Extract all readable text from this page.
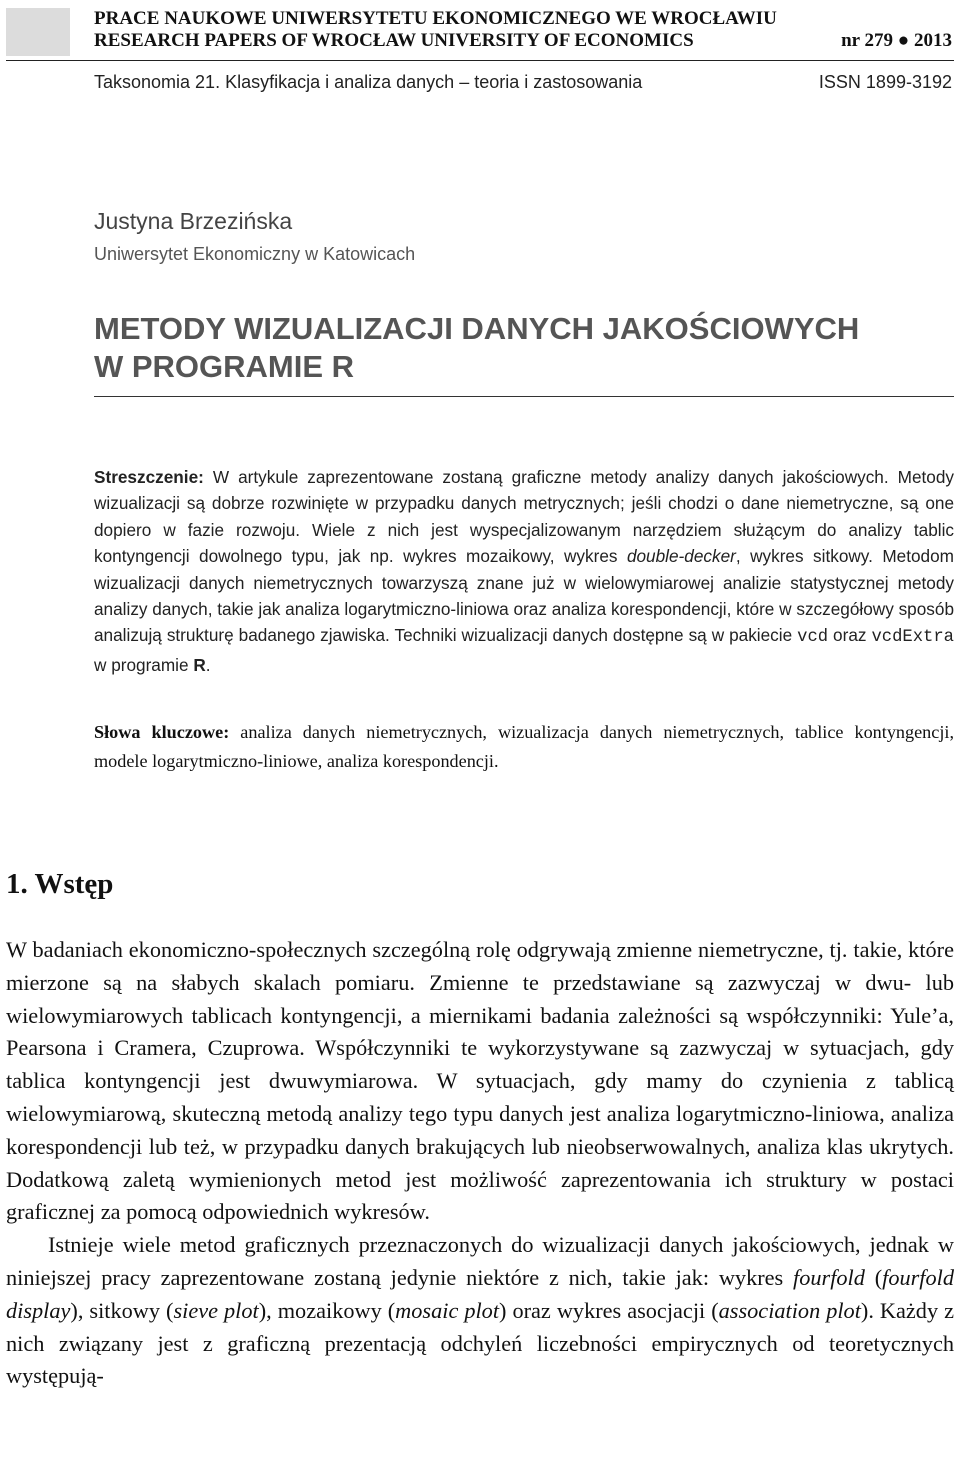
PRACE NAUKOWE UNIWERSYTETU EKONOMICZNEGO WE WROCŁAWIU
RESEARCH PAPERS OF WROCŁAW UNIVERSITY OF ECONOMICS	nr 279 ● 2013
Taksonomia 21. Klasyfikacja i analiza danych – teoria i zastosowania	ISSN 1899-3192
Justyna Brzezińska
Uniwersytet Ekonomiczny w Katowicach
METODY WIZUALIZACJI DANYCH JAKOŚCIOWYCH
W PROGRAMIE R
Streszczenie: W artykule zaprezentowane zostaną graficzne metody analizy danych jakościowych. Metody wizualizacji są dobrze rozwinięte w przypadku danych metrycznych; jeśli chodzi o dane niemetryczne, są one dopiero w fazie rozwoju. Wiele z nich jest wyspecjalizowanym narzędziem służącym do analizy tablic kontyngencji dowolnego typu, jak np. wykres mozaikowy, wykres double-decker, wykres sitkowy. Metodom wizualizacji danych niemetrycznych towarzyszą znane już w wielowymiarowej analizie statystycznej metody analizy danych, takie jak analiza logarytmiczno-liniowa oraz analiza korespondencji, które w szczegółowy sposób analizują strukturę badanego zjawiska. Techniki wizualizacji danych dostępne są w pakiecie vcd oraz vcdExtra w programie R.
Słowa kluczowe: analiza danych niemetrycznych, wizualizacja danych niemetrycznych, tablice kontyngencji, modele logarytmiczno-liniowe, analiza korespondencji.
1. Wstęp

W badaniach ekonomiczno-społecznych szczególną rolę odgrywają zmienne niemetryczne, tj. takie, które mierzone są na słabych skalach pomiaru. Zmienne te przedstawiane są zazwyczaj w dwu- lub wielowymiarowych tablicach kontyngencji, a miernikami badania zależności są współczynniki: Yule’a, Pearsona i Cramera, Czuprowa. Współczynniki te wykorzystywane są zazwyczaj w sytuacjach, gdy tablica kontyngencji jest dwuwymiarowa. W sytuacjach, gdy mamy do czynienia z tablicą wielowymiarową, skuteczną metodą analizy tego typu danych jest analiza logarytmiczno-liniowa, analiza korespondencji lub też, w przypadku danych brakujących lub nieobserwowalnych, analiza klas ukrytych. Dodatkową zaletą wymienionych metod jest możliwość zaprezentowania ich struktury w postaci graficznej za pomocą odpowiednich wykresów.

Istnieje wiele metod graficznych przeznaczonych do wizualizacji danych jakościowych, jednak w niniejszej pracy zaprezentowane zostaną jedynie niektóre z nich, takie jak: wykres fourfold (fourfold display), sitkowy (sieve plot), mozaikowy (mosaic plot) oraz wykres asocjacji (association plot). Każdy z nich związany jest z graficzną prezentacją odchyleń liczebności empirycznych od teoretycznych występują-
